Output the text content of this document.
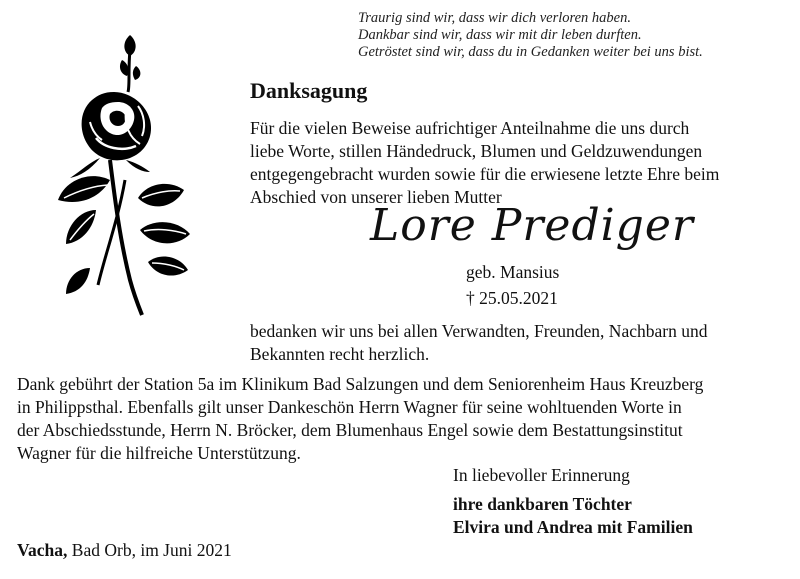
Traurig sind wir, dass wir dich verloren haben.
Dankbar sind wir, dass wir mit dir leben durften.
Getröstet sind wir, dass du in Gedanken weiter bei uns bist.
Danksagung
Für die vielen Beweise aufrichtiger Anteilnahme die uns durch
liebe Worte, stillen Händedruck, Blumen und Geldzuwendungen
entgegengebracht wurden sowie für die erwiesene letzte Ehre beim
Abschied von unserer lieben Mutter
Lore Prediger
geb. Mansius
† 25.05.2021
bedanken wir uns bei allen Verwandten, Freunden, Nachbarn und
Bekannten recht herzlich.
Dank gebührt der Station 5a im Klinikum Bad Salzungen und dem Seniorenheim Haus Kreuzberg
in Philippsthal. Ebenfalls gilt unser Dankeschön Herrn Wagner für seine wohltuenden Worte in
der Abschiedsstunde, Herrn N. Bröcker, dem Blumenhaus Engel sowie dem Bestattungsinstitut
Wagner für die hilfreiche Unterstützung.
In liebevoller Erinnerung
ihre dankbaren Töchter
Elvira und Andrea mit Familien
Vacha, Bad Orb, im Juni 2021
